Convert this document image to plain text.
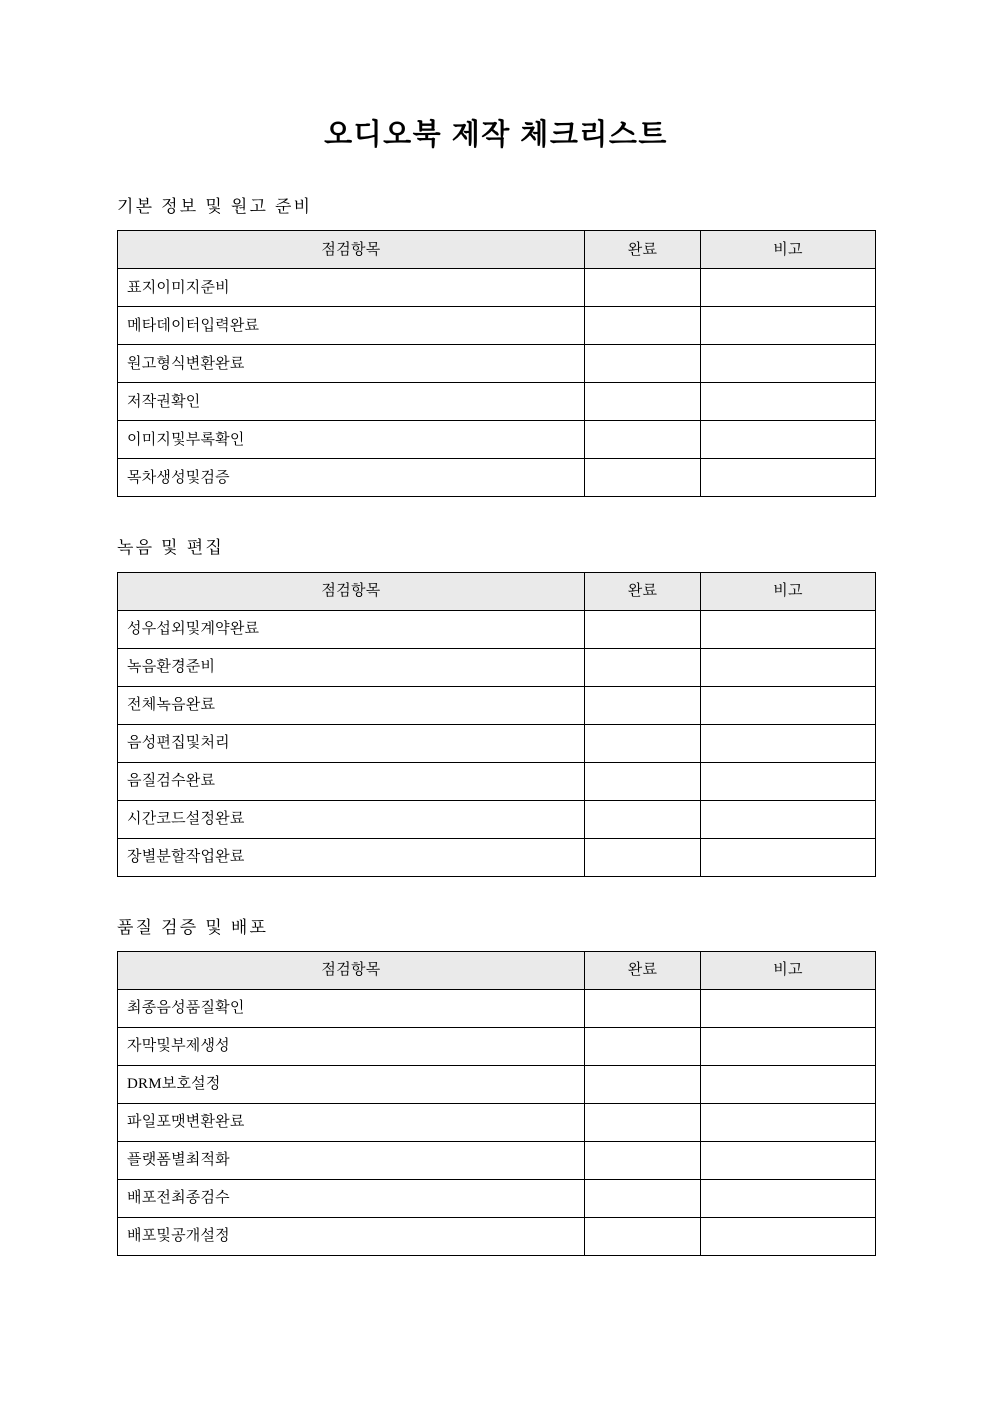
오디오북 제작 체크리스트
기본 정보 및 원고 준비
점검항목	완료	비고
표지이미지준비		
메타데이터입력완료		
원고형식변환완료		
저작권확인		
이미지및부록확인		
목차생성및검증		
녹음 및 편집
점검항목	완료	비고
성우섭외및계약완료		
녹음환경준비		
전체녹음완료		
음성편집및처리		
음질검수완료		
시간코드설정완료		
장별분할작업완료		
품질 검증 및 배포
점검항목	완료	비고
최종음성품질확인		
자막및부제생성		
DRM보호설정		
파일포맷변환완료		
플랫폼별최적화		
배포전최종검수		
배포및공개설정		
